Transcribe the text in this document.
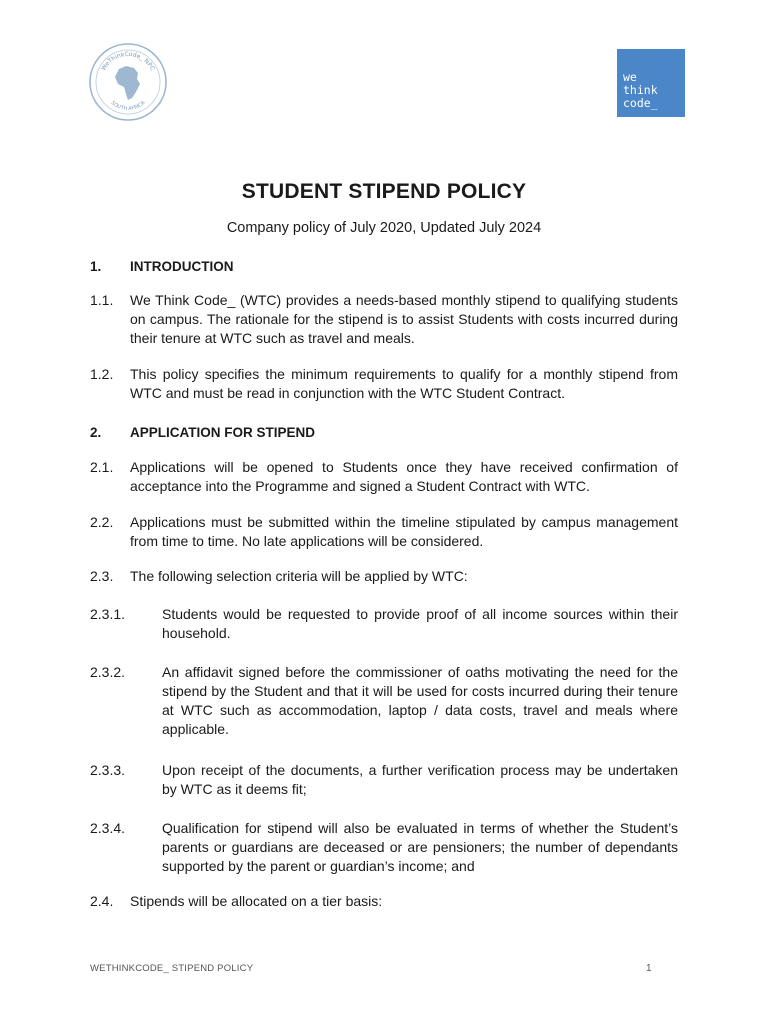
WeThinkCode_ NPC
SOUTH AFRICA
we
think
code_
STUDENT STIPEND POLICY
Company policy of July 2020, Updated July 2024
1. INTRODUCTION
1.1. We Think Code_ (WTC) provides a needs-based monthly stipend to qualifying students on campus. The rationale for the stipend is to assist Students with costs incurred during their tenure at WTC such as travel and meals.
1.2. This policy specifies the minimum requirements to qualify for a monthly stipend from WTC and must be read in conjunction with the WTC Student Contract.
2. APPLICATION FOR STIPEND
2.1. Applications will be opened to Students once they have received confirmation of acceptance into the Programme and signed a Student Contract with WTC.
2.2. Applications must be submitted within the timeline stipulated by campus management from time to time. No late applications will be considered.
2.3. The following selection criteria will be applied by WTC:
2.3.1.	Students would be requested to provide proof of all income sources within their household.
2.3.2.	An affidavit signed before the commissioner of oaths motivating the need for the stipend by the Student and that it will be used for costs incurred during their tenure at WTC such as accommodation, laptop / data costs, travel and meals where applicable.
2.3.3.	Upon receipt of the documents, a further verification process may be undertaken by WTC as it deems fit;
2.3.4.	Qualification for stipend will also be evaluated in terms of whether the Student’s parents or guardians are deceased or are pensioners; the number of dependants supported by the parent or guardian’s income; and
2.4. Stipends will be allocated on a tier basis:
WETHINKCODE_ STIPEND POLICY	1
